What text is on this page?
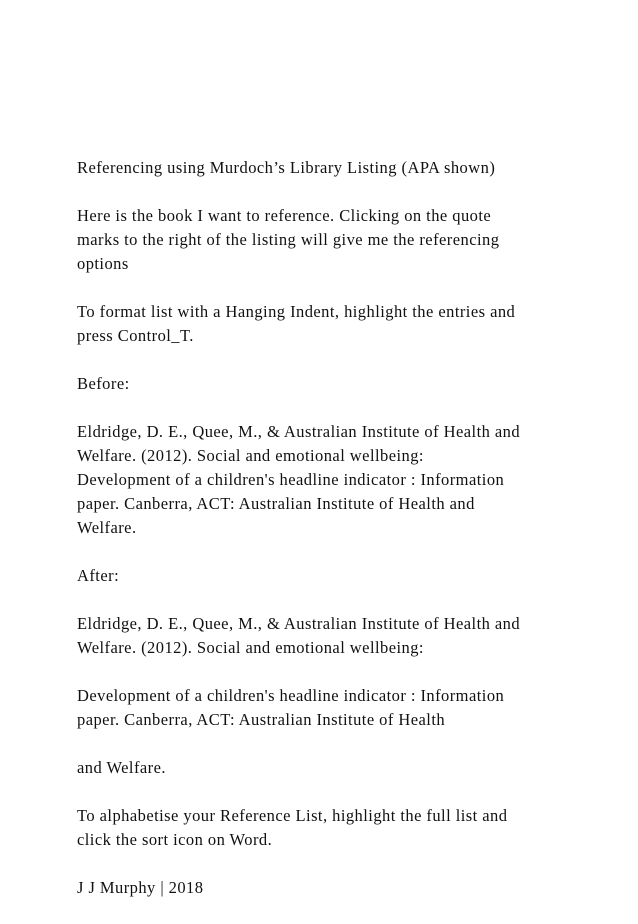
Referencing using Murdoch’s Library Listing (APA shown)

Here is the book I want to reference. Clicking on the quote
marks to the right of the listing will give me the referencing
options

To format list with a Hanging Indent, highlight the entries and
press Control_T.

Before:

Eldridge, D. E., Quee, M., & Australian Institute of Health and
Welfare. (2012). Social and emotional wellbeing:
Development of a children's headline indicator : Information
paper. Canberra, ACT: Australian Institute of Health and
Welfare.

After:

Eldridge, D. E., Quee, M., & Australian Institute of Health and
Welfare. (2012). Social and emotional wellbeing:

Development of a children's headline indicator : Information
paper. Canberra, ACT: Australian Institute of Health

and Welfare.

To alphabetise your Reference List, highlight the full list and
click the sort icon on Word.

J J Murphy | 2018
